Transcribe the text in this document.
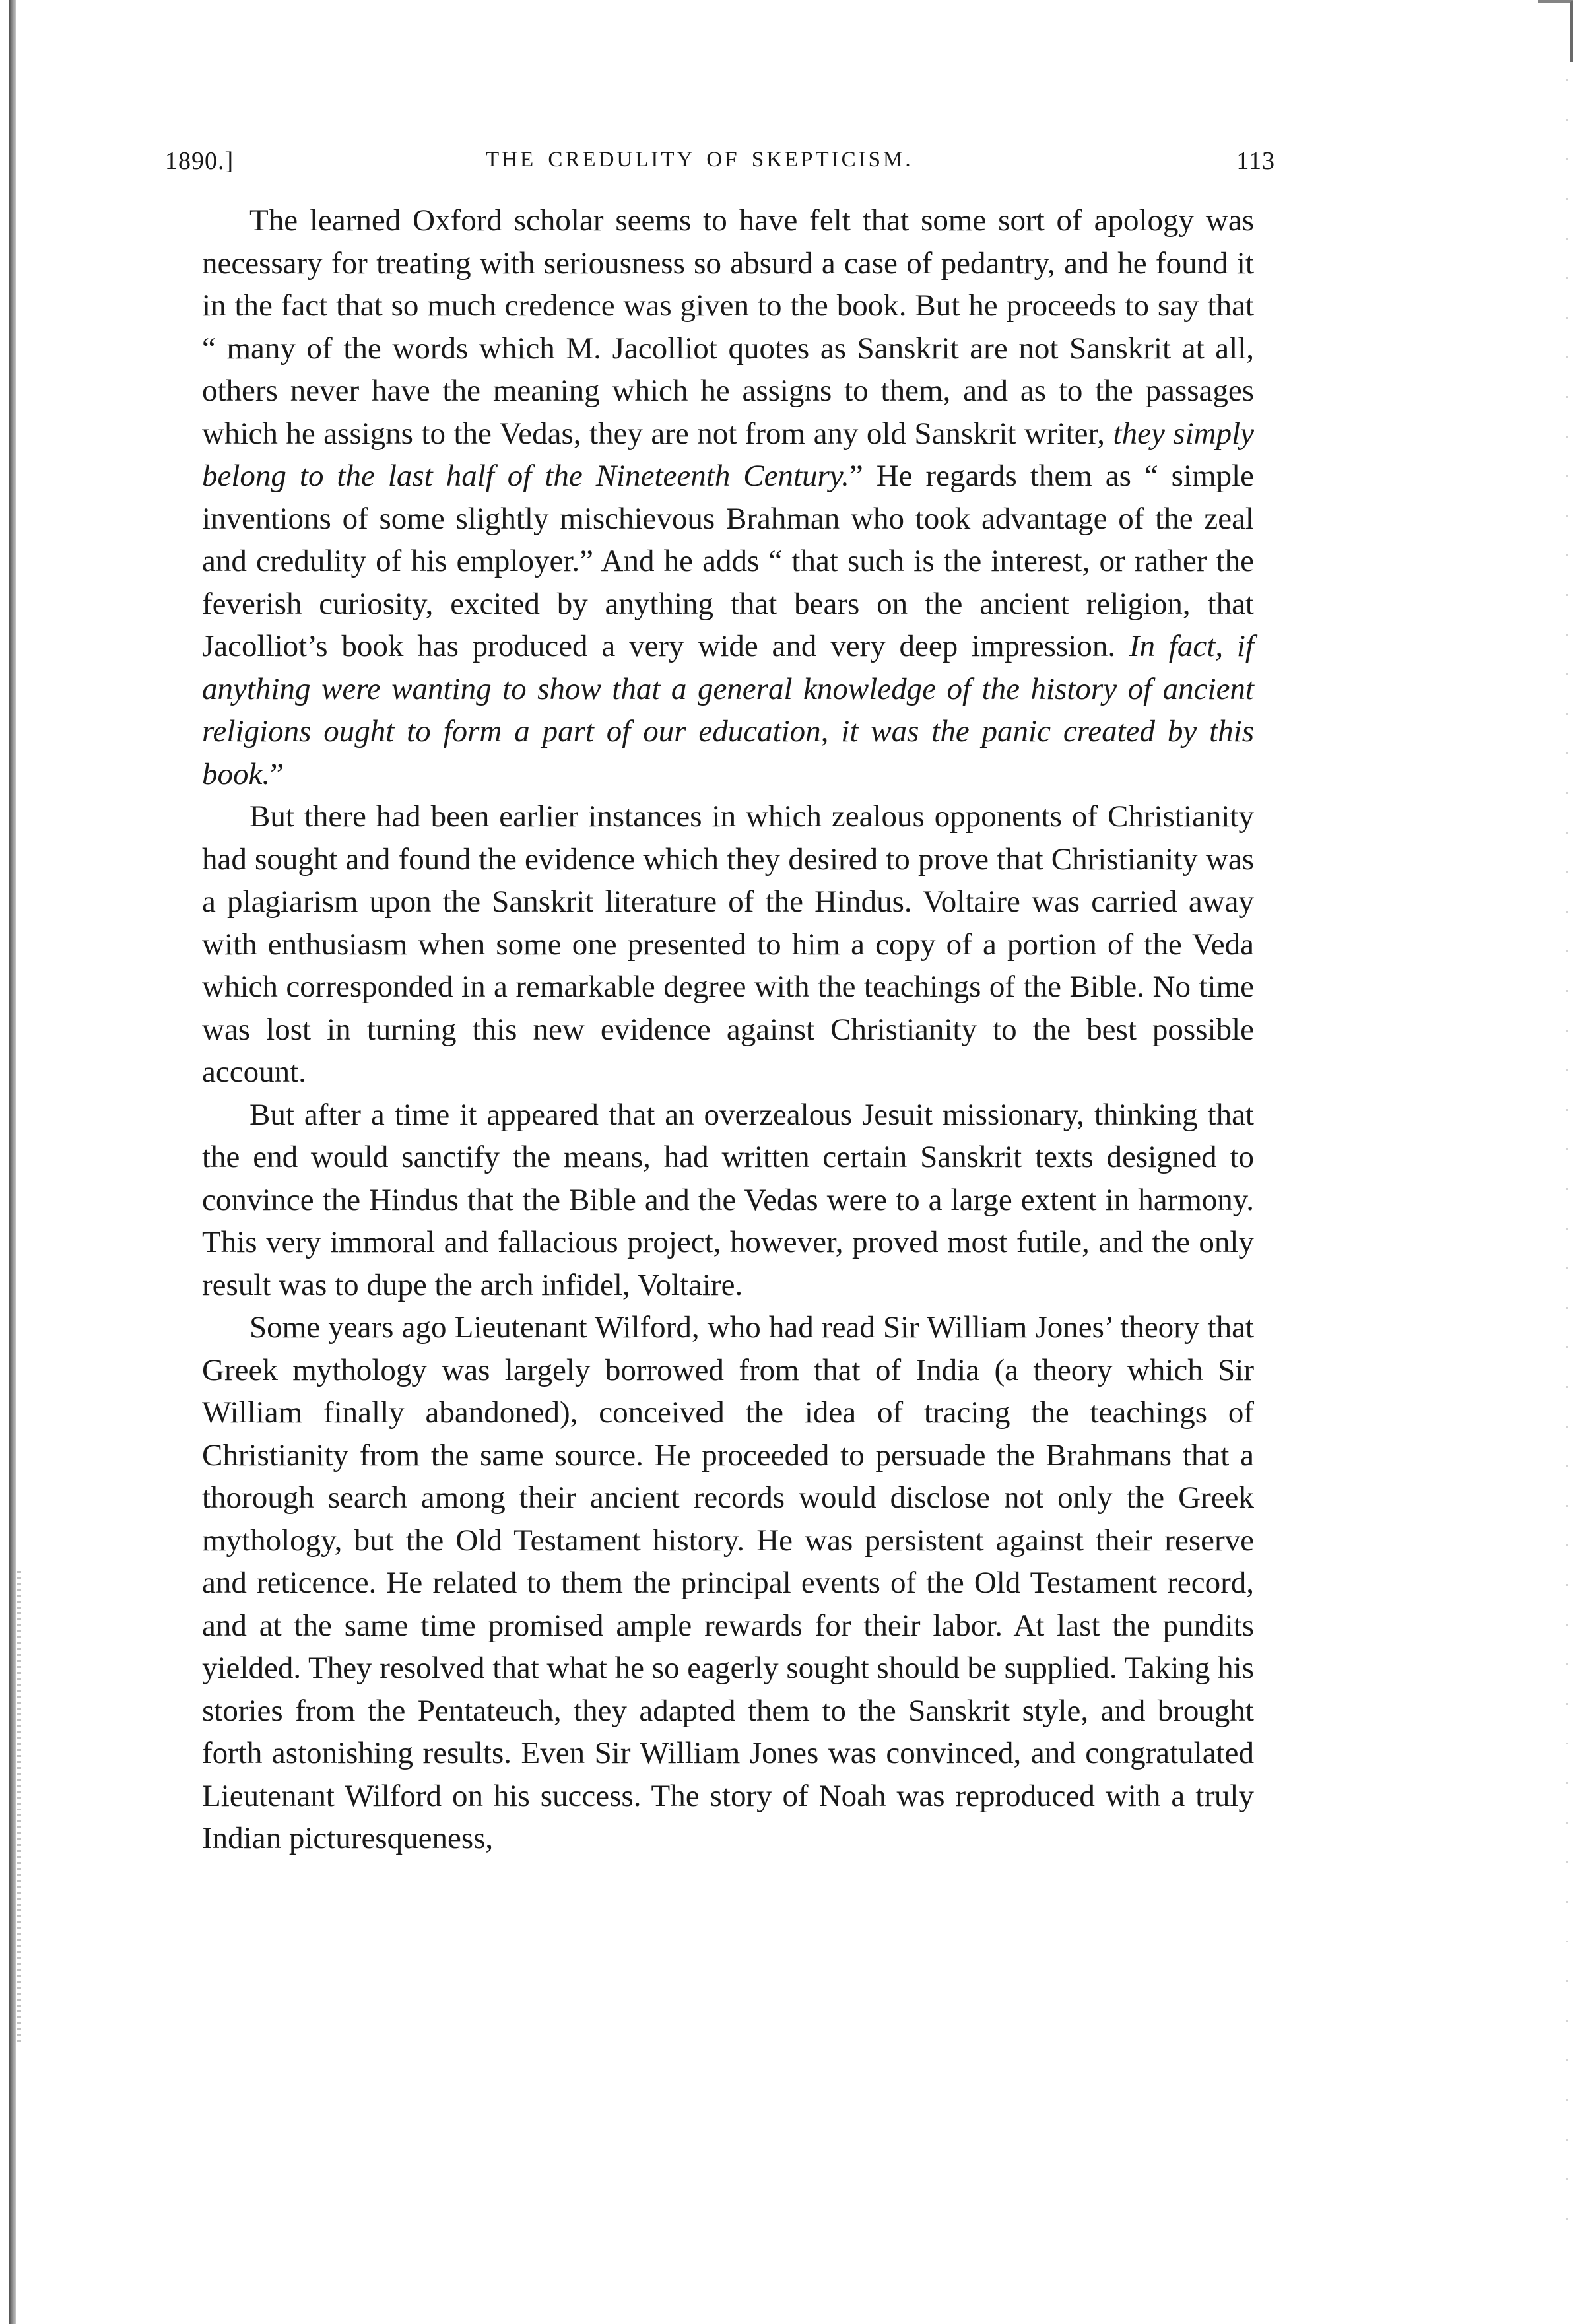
1890.]	THE CREDULITY OF SKEPTICISM.	113

The learned Oxford scholar seems to have felt that some sort of apology was necessary for treating with seriousness so absurd a case of pedantry, and he found it in the fact that so much credence was given to the book. But he proceeds to say that “ many of the words which M. Jacolliot quotes as Sanskrit are not Sanskrit at all, others never have the meaning which he assigns to them, and as to the passages which he assigns to the Vedas, they are not from any old Sanskrit writer, they simply belong to the last half of the Nineteenth Century.” He regards them as “ simple inventions of some slightly mischievous Brahman who took advantage of the zeal and credulity of his employer.” And he adds “ that such is the interest, or rather the feverish curiosity, excited by anything that bears on the ancient religion, that Jacolliot’s book has produced a very wide and very deep impression. In fact, if anything were wanting to show that a general knowledge of the history of ancient religions ought to form a part of our education, it was the panic created by this book.”

But there had been earlier instances in which zealous opponents of Christianity had sought and found the evidence which they desired to prove that Christianity was a plagiarism upon the Sanskrit literature of the Hindus. Voltaire was carried away with enthusiasm when some one presented to him a copy of a portion of the Veda which corresponded in a remarkable degree with the teachings of the Bible. No time was lost in turning this new evidence against Christianity to the best possible account.

But after a time it appeared that an overzealous Jesuit missionary, thinking that the end would sanctify the means, had written certain Sanskrit texts designed to convince the Hindus that the Bible and the Vedas were to a large extent in harmony. This very immoral and fallacious project, however, proved most futile, and the only result was to dupe the arch infidel, Voltaire.

Some years ago Lieutenant Wilford, who had read Sir William Jones’ theory that Greek mythology was largely borrowed from that of India (a theory which Sir William finally abandoned), conceived the idea of tracing the teachings of Christianity from the same source. He proceeded to persuade the Brahmans that a thorough search among their ancient records would disclose not only the Greek mythology, but the Old Testament history. He was persistent against their reserve and reticence. He related to them the principal events of the Old Testament record, and at the same time promised ample rewards for their labor. At last the pundits yielded. They resolved that what he so eagerly sought should be supplied. Taking his stories from the Pentateuch, they adapted them to the Sanskrit style, and brought forth astonishing results. Even Sir William Jones was convinced, and congratulated Lieutenant Wilford on his success. The story of Noah was reproduced with a truly Indian picturesqueness,
